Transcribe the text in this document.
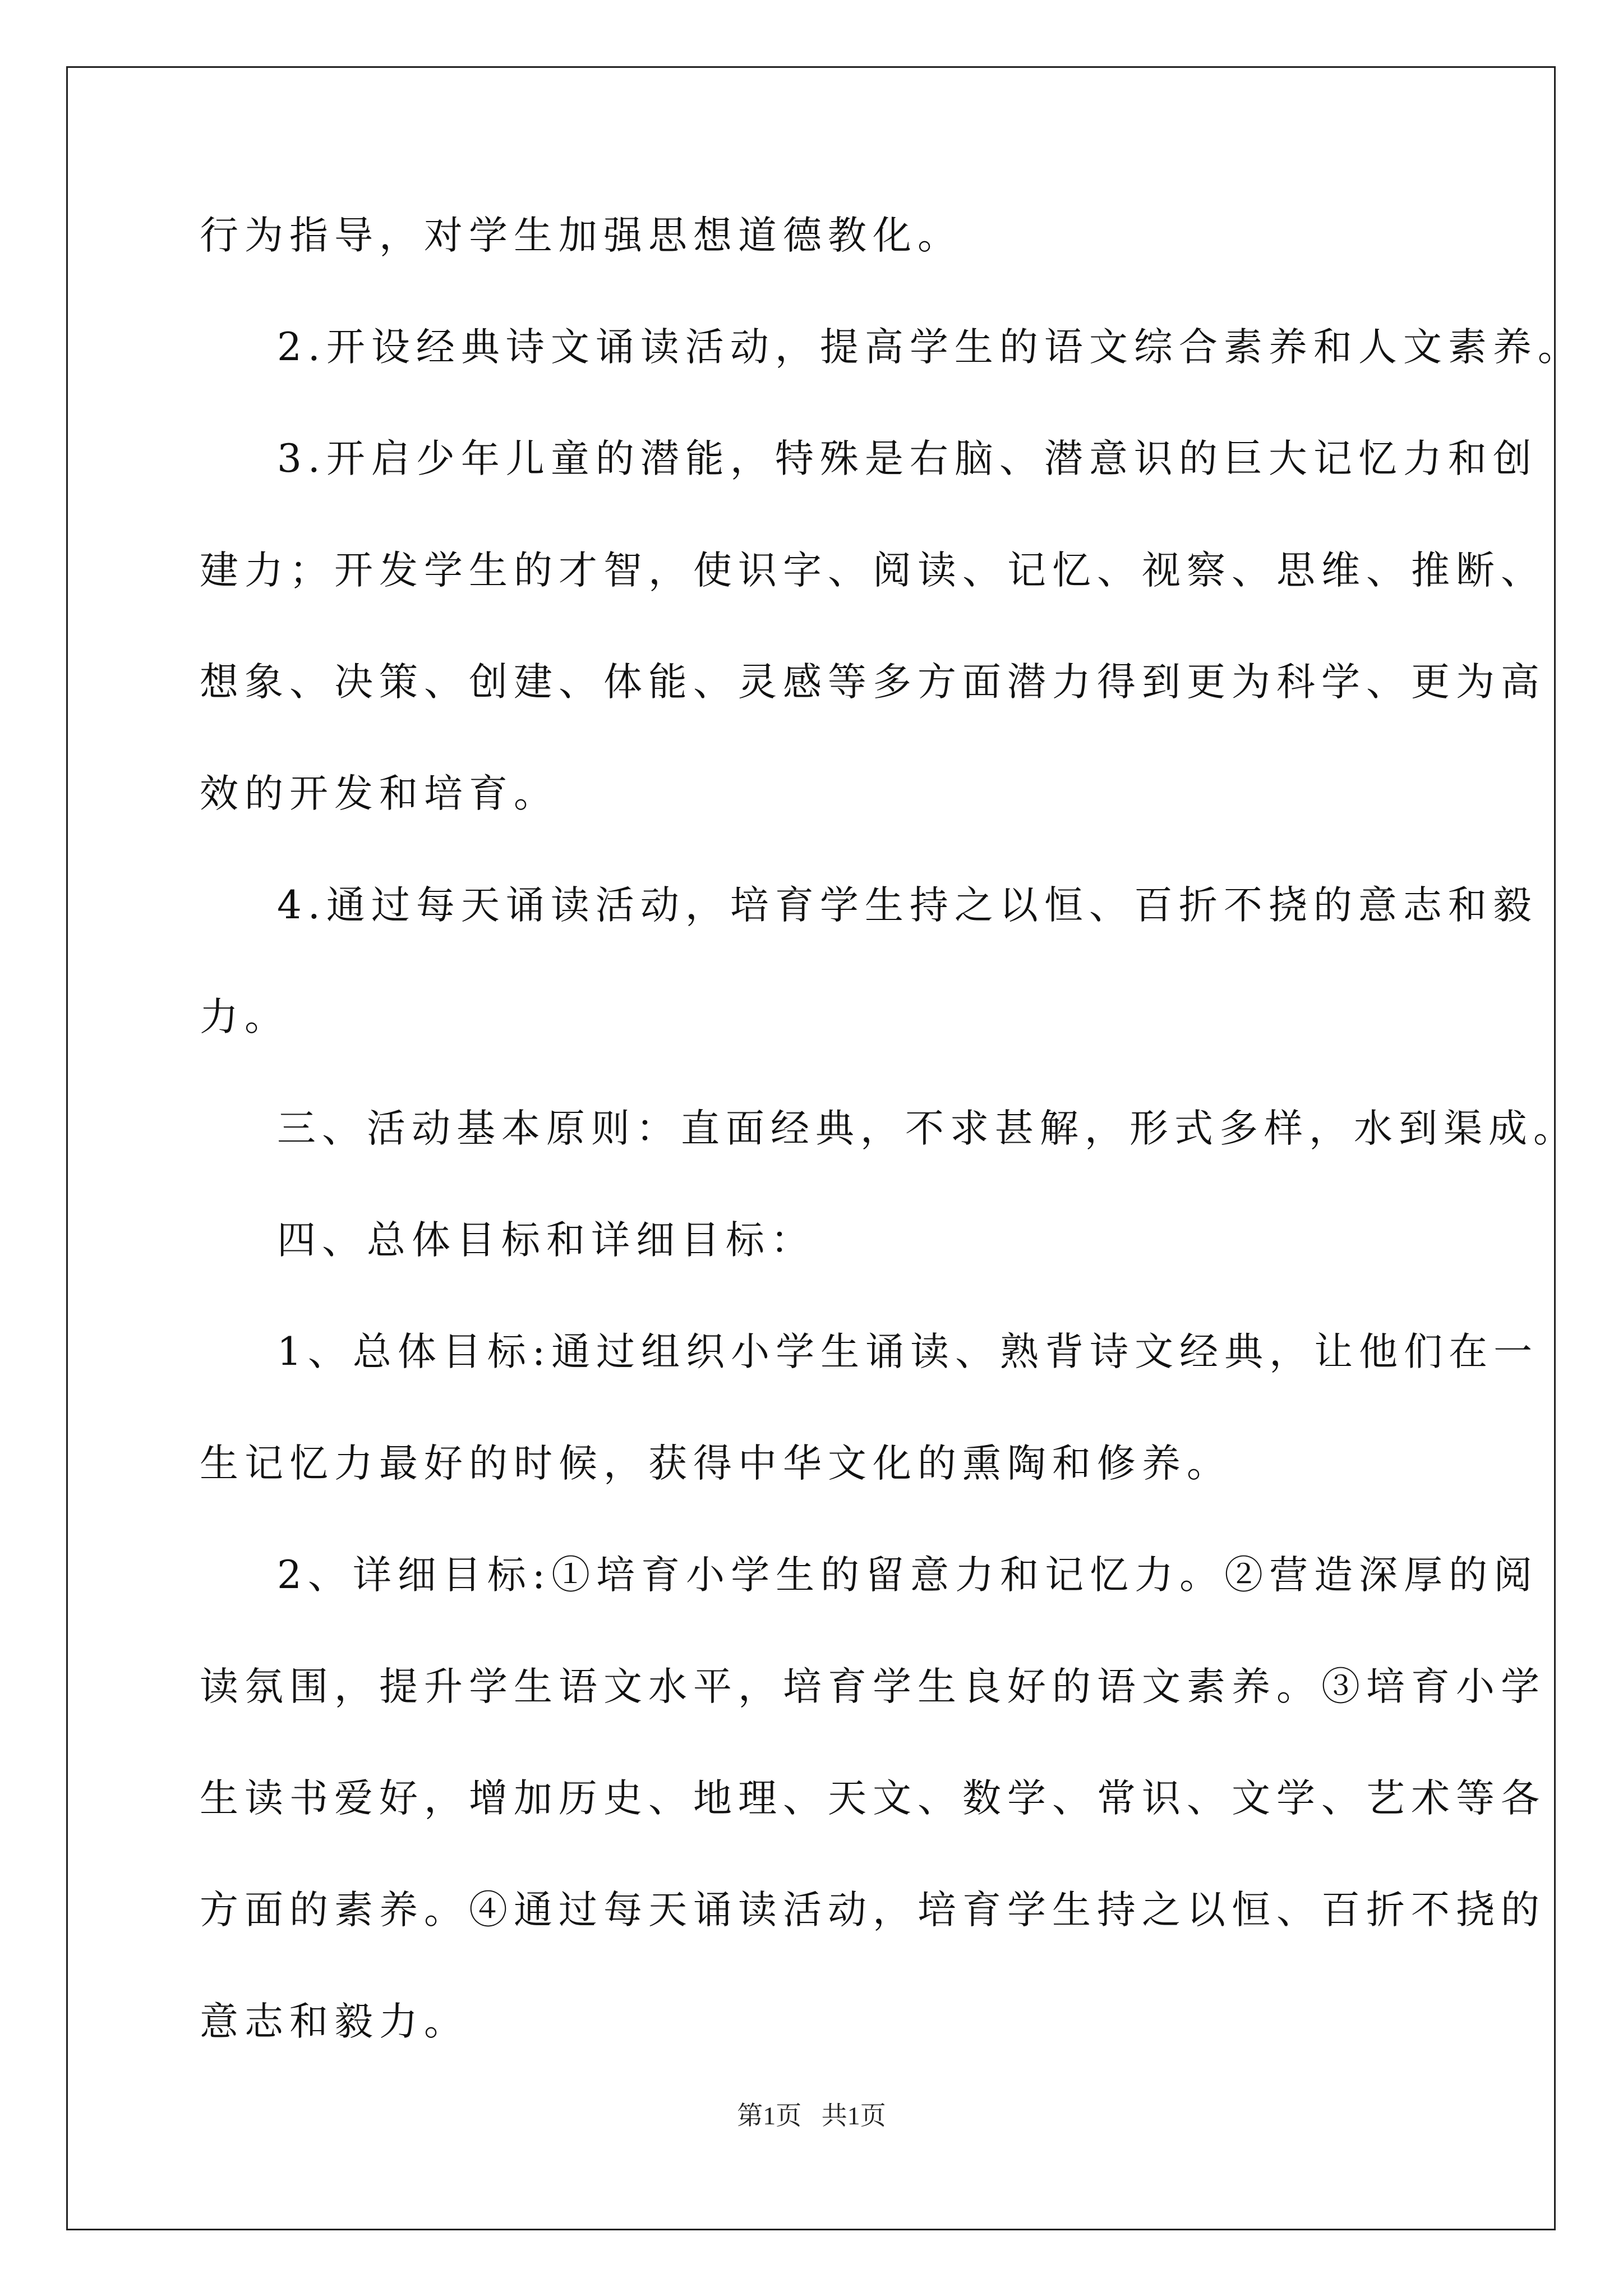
行为指导，对学生加强思想道德教化。
2.开设经典诗文诵读活动，提高学生的语文综合素养和人文素养。
3.开启少年儿童的潜能，特殊是右脑、潜意识的巨大记忆力和创
建力；开发学生的才智，使识字、阅读、记忆、视察、思维、推断、
想象、决策、创建、体能、灵感等多方面潜力得到更为科学、更为高
效的开发和培育。
4.通过每天诵读活动，培育学生持之以恒、百折不挠的意志和毅
力。
三、活动基本原则：直面经典，不求甚解，形式多样，水到渠成。
四、总体目标和详细目标：
1、总体目标:通过组织小学生诵读、熟背诗文经典，让他们在一
生记忆力最好的时候，获得中华文化的熏陶和修养。
2、详细目标:①培育小学生的留意力和记忆力。②营造深厚的阅
读氛围，提升学生语文水平，培育学生良好的语文素养。③培育小学
生读书爱好，增加历史、地理、天文、数学、常识、文学、艺术等各
方面的素养。④通过每天诵读活动，培育学生持之以恒、百折不挠的
意志和毅力。
第1页 共1页
